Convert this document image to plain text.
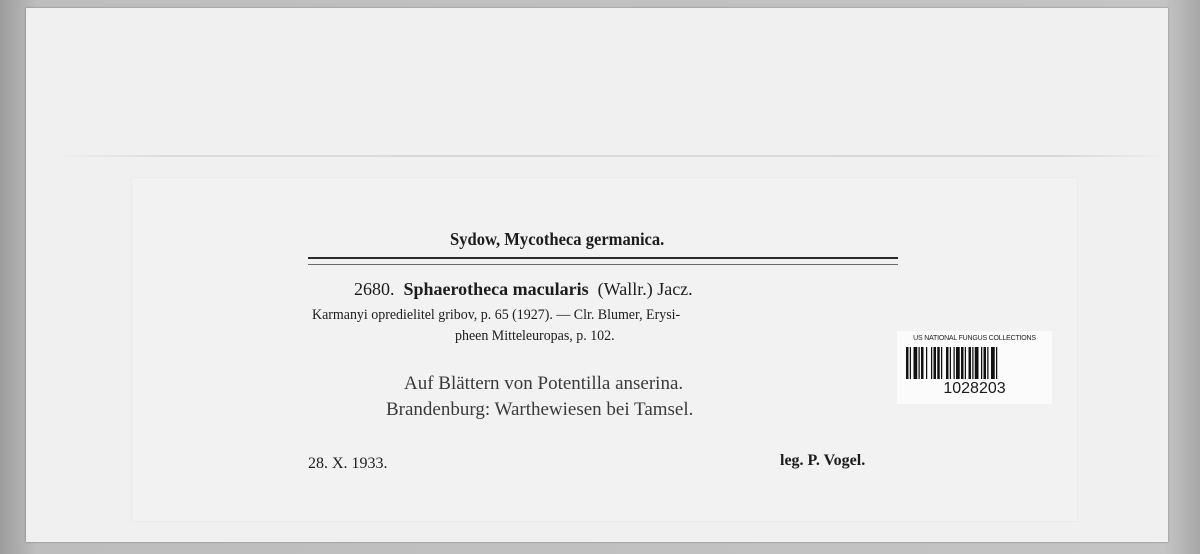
Sydow, Mycotheca germanica.
2680. Sphaerotheca macularis (Wallr.) Jacz.
Karmanyi opredielitel gribov, p. 65 (1927). — Clr. Blumer, Erysi-
pheen Mitteleuropas, p. 102.
Auf Blättern von Potentilla anserina.
Brandenburg: Warthewiesen bei Tamsel.
28. X. 1933.	leg. P. Vogel.
US NATIONAL FUNGUS COLLECTIONS
1028203
